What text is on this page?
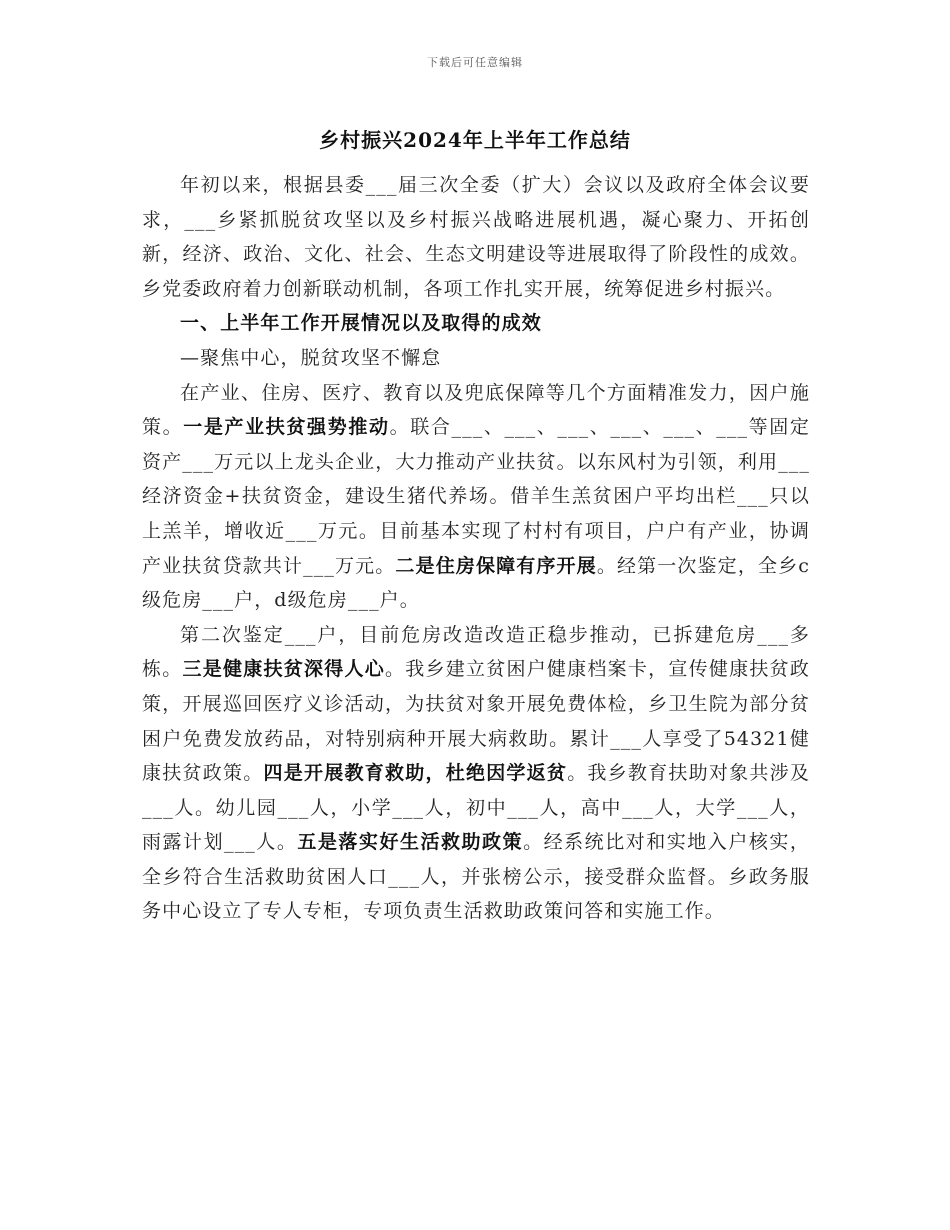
下载后可任意编辑
乡村振兴2024年上半年工作总结

年初以来，根据县委___届三次全委（扩大）会议以及政府全体会议要求，___乡紧抓脱贫攻坚以及乡村振兴战略进展机遇，凝心聚力、开拓创新，经济、政治、文化、社会、生态文明建设等进展取得了阶段性的成效。乡党委政府着力创新联动机制，各项工作扎实开展，统筹促进乡村振兴。

一、上半年工作开展情况以及取得的成效

—聚焦中心，脱贫攻坚不懈怠

在产业、住房、医疗、教育以及兜底保障等几个方面精准发力，因户施策。一是产业扶贫强势推动。联合___、___、___、___、___、___等固定资产___万元以上龙头企业，大力推动产业扶贫。以东风村为引领，利用___经济资金+扶贫资金，建设生猪代养场。借羊生羔贫困户平均出栏___只以上羔羊，增收近___万元。目前基本实现了村村有项目，户户有产业，协调产业扶贫贷款共计___万元。二是住房保障有序开展。经第一次鉴定，全乡c级危房___户，d级危房___户。

第二次鉴定___户，目前危房改造改造正稳步推动，已拆建危房___多栋。三是健康扶贫深得人心。我乡建立贫困户健康档案卡，宣传健康扶贫政策，开展巡回医疗义诊活动，为扶贫对象开展免费体检，乡卫生院为部分贫困户免费发放药品，对特别病种开展大病救助。累计___人享受了54321健康扶贫政策。四是开展教育救助，杜绝因学返贫。我乡教育扶助对象共涉及___人。幼儿园___人，小学___人，初中___人，高中___人，大学___人，雨露计划___人。五是落实好生活救助政策。经系统比对和实地入户核实，全乡符合生活救助贫困人口___人，并张榜公示，接受群众监督。乡政务服务中心设立了专人专柜，专项负责生活救助政策问答和实施工作。
